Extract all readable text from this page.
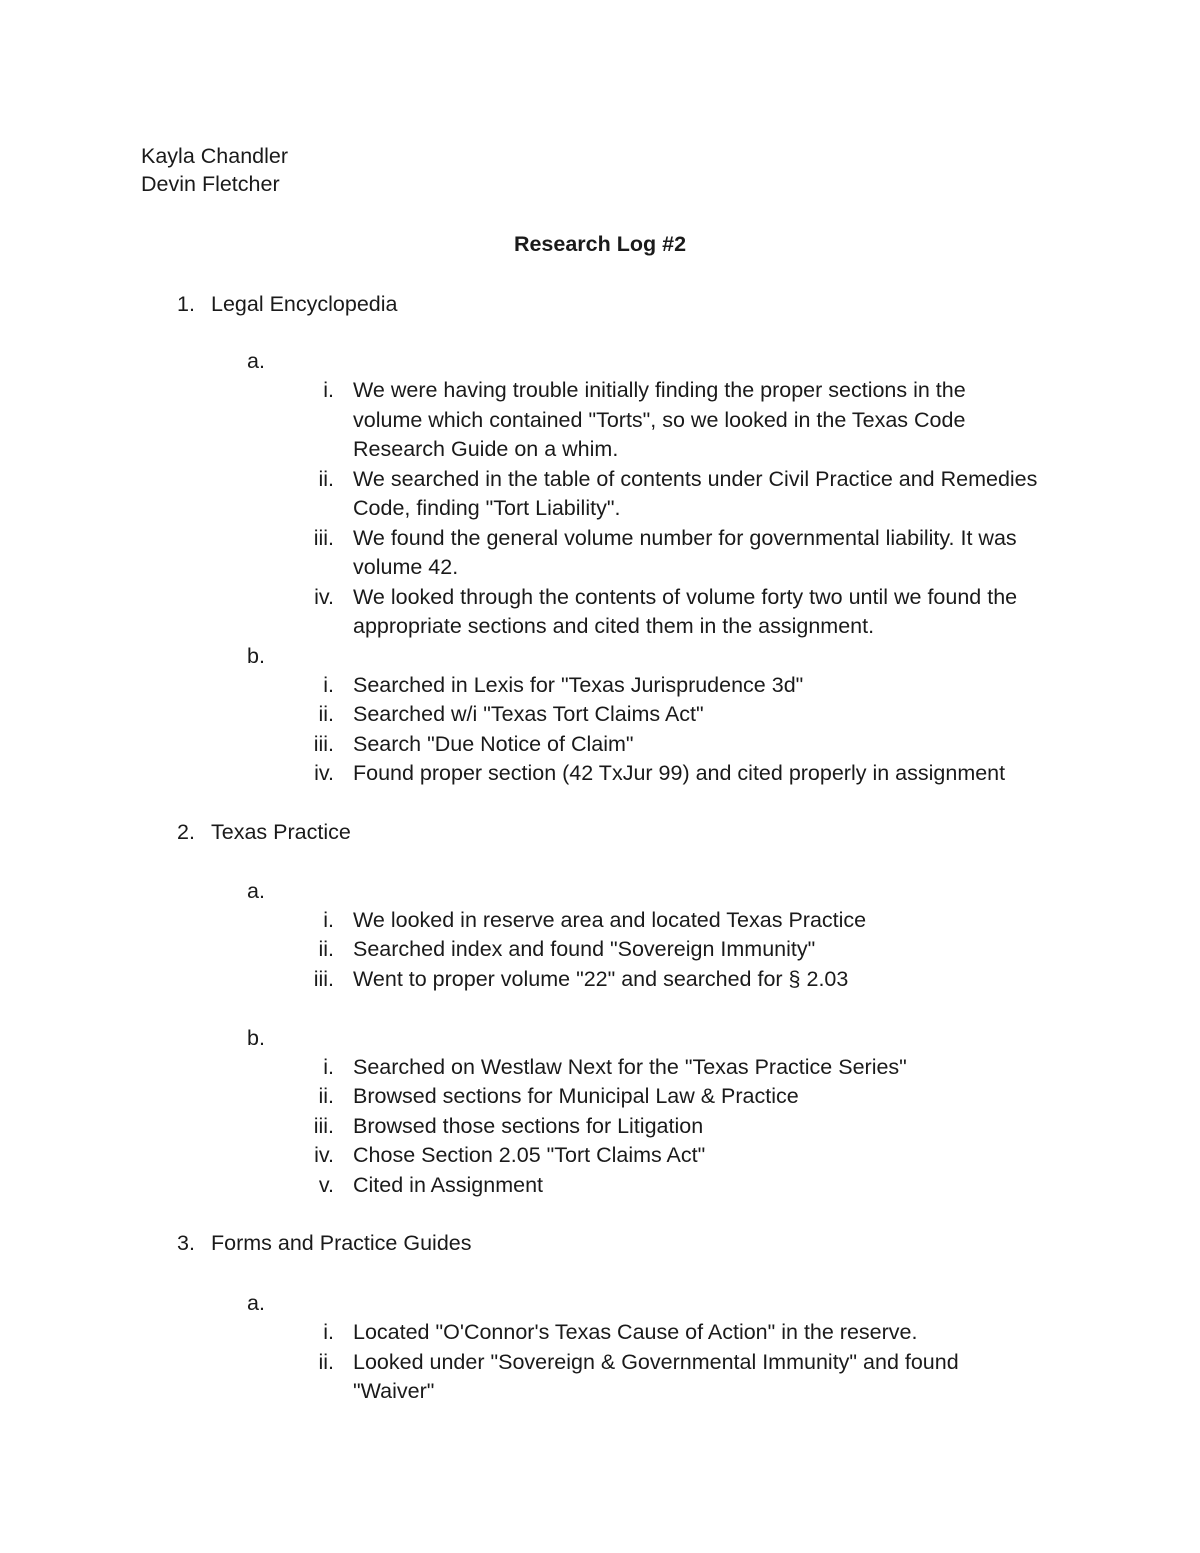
Kayla Chandler
Devin Fletcher
Research Log #2
1. Legal Encyclopedia
a.
i. We were having trouble initially finding the proper sections in the
volume which contained "Torts", so we looked in the Texas Code
Research Guide on a whim.
ii. We searched in the table of contents under Civil Practice and Remedies
Code, finding "Tort Liability".
iii. We found the general volume number for governmental liability. It was
volume 42.
iv. We looked through the contents of volume forty two until we found the
appropriate sections and cited them in the assignment.
b.
i. Searched in Lexis for "Texas Jurisprudence 3d"
ii. Searched w/i "Texas Tort Claims Act"
iii. Search "Due Notice of Claim"
iv. Found proper section (42 TxJur 99) and cited properly in assignment
2. Texas Practice
a.
i. We looked in reserve area and located Texas Practice
ii. Searched index and found "Sovereign Immunity"
iii. Went to proper volume "22" and searched for § 2.03
b.
i. Searched on Westlaw Next for the "Texas Practice Series"
ii. Browsed sections for Municipal Law & Practice
iii. Browsed those sections for Litigation
iv. Chose Section 2.05 "Tort Claims Act"
v. Cited in Assignment
3. Forms and Practice Guides
a.
i. Located "O'Connor's Texas Cause of Action" in the reserve.
ii. Looked under "Sovereign & Governmental Immunity" and found
"Waiver"
